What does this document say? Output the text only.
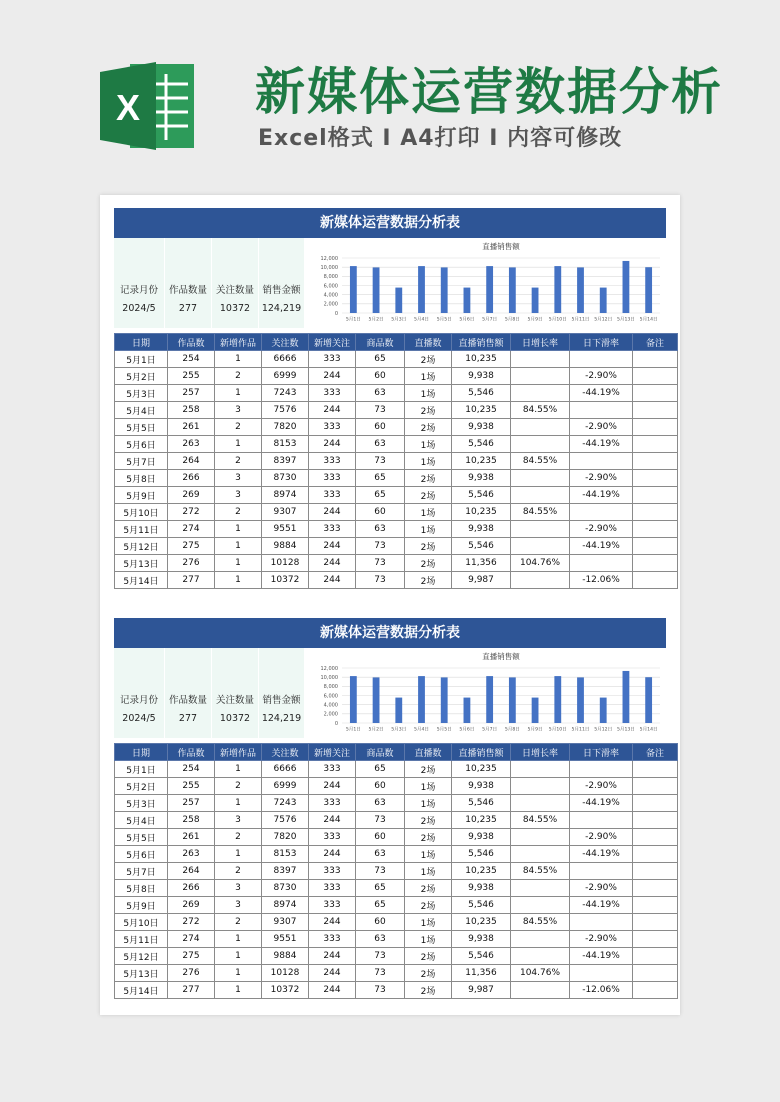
X 新媒体运营数据分析
Excel格式 I A4打印 I 内容可修改
新媒体运营数据分析表
记录月份
2024/5
作品数量
277
关注数量
10372
销售金额
124,219
直播销售额
0
2,000
4,000
6,000
8,000
10,000
12,000
5月1日 5月2日 5月3日 5月4日 5月5日 5月6日 5月7日 5月8日 5月9日 5月10日 5月11日 5月12日 5月13日 5月14日
日期	作品数	新增作品	关注数	新增关注	商品数	直播数	直播销售额	日增长率	日下滑率	备注
5月1日	254	1	6666	333	65	2场	10,235			
5月2日	255	2	6999	244	60	1场	9,938		-2.90%	
5月3日	257	1	7243	333	63	1场	5,546		-44.19%	
5月4日	258	3	7576	244	73	2场	10,235	84.55%		
5月5日	261	2	7820	333	60	2场	9,938		-2.90%	
5月6日	263	1	8153	244	63	1场	5,546		-44.19%	
5月7日	264	2	8397	333	73	1场	10,235	84.55%		
5月8日	266	3	8730	333	65	2场	9,938		-2.90%	
5月9日	269	3	8974	333	65	2场	5,546		-44.19%	
5月10日	272	2	9307	244	60	1场	10,235	84.55%		
5月11日	274	1	9551	333	63	1场	9,938		-2.90%	
5月12日	275	1	9884	244	73	2场	5,546		-44.19%	
5月13日	276	1	10128	244	73	2场	11,356	104.76%		
5月14日	277	1	10372	244	73	2场	9,987		-12.06%	
新媒体运营数据分析表
记录月份
2024/5
作品数量
277
关注数量
10372
销售金额
124,219
直播销售额
0
2,000
4,000
6,000
8,000
10,000
12,000
5月1日 5月2日 5月3日 5月4日 5月5日 5月6日 5月7日 5月8日 5月9日 5月10日 5月11日 5月12日 5月13日 5月14日
日期	作品数	新增作品	关注数	新增关注	商品数	直播数	直播销售额	日增长率	日下滑率	备注
5月1日	254	1	6666	333	65	2场	10,235			
5月2日	255	2	6999	244	60	1场	9,938		-2.90%	
5月3日	257	1	7243	333	63	1场	5,546		-44.19%	
5月4日	258	3	7576	244	73	2场	10,235	84.55%		
5月5日	261	2	7820	333	60	2场	9,938		-2.90%	
5月6日	263	1	8153	244	63	1场	5,546		-44.19%	
5月7日	264	2	8397	333	73	1场	10,235	84.55%		
5月8日	266	3	8730	333	65	2场	9,938		-2.90%	
5月9日	269	3	8974	333	65	2场	5,546		-44.19%	
5月10日	272	2	9307	244	60	1场	10,235	84.55%		
5月11日	274	1	9551	333	63	1场	9,938		-2.90%	
5月12日	275	1	9884	244	73	2场	5,546		-44.19%	
5月13日	276	1	10128	244	73	2场	11,356	104.76%		
5月14日	277	1	10372	244	73	2场	9,987		-12.06%	
